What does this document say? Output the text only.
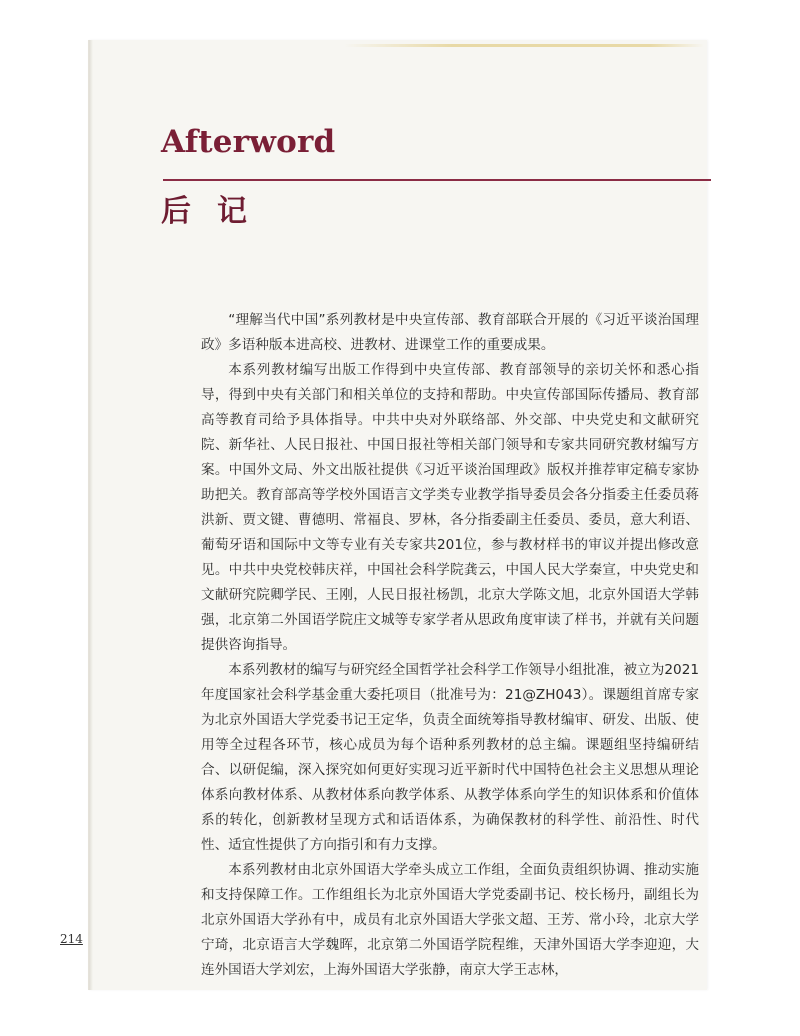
Afterword
后记

“理解当代中国”系列教材是中央宣传部、教育部联合开展的《习近平谈治国理政》多语种版本进高校、进教材、进课堂工作的重要成果。

本系列教材编写出版工作得到中央宣传部、教育部领导的亲切关怀和悉心指导，得到中央有关部门和相关单位的支持和帮助。中央宣传部国际传播局、教育部高等教育司给予具体指导。中共中央对外联络部、外交部、中央党史和文献研究院、新华社、人民日报社、中国日报社等相关部门领导和专家共同研究教材编写方案。中国外文局、外文出版社提供《习近平谈治国理政》版权并推荐审定稿专家协助把关。教育部高等学校外国语言文学类专业教学指导委员会各分指委主任委员蒋洪新、贾文键、曹德明、常福良、罗林，各分指委副主任委员、委员，意大利语、葡萄牙语和国际中文等专业有关专家共201位，参与教材样书的审议并提出修改意见。中共中央党校韩庆祥，中国社会科学院龚云，中国人民大学秦宣，中央党史和文献研究院卿学民、王刚，人民日报社杨凯，北京大学陈文旭，北京外国语大学韩强，北京第二外国语学院庄文城等专家学者从思政角度审读了样书，并就有关问题提供咨询指导。

本系列教材的编写与研究经全国哲学社会科学工作领导小组批准，被立为2021年度国家社会科学基金重大委托项目（批准号为：21@ZH043）。课题组首席专家为北京外国语大学党委书记王定华，负责全面统筹指导教材编审、研发、出版、使用等全过程各环节，核心成员为每个语种系列教材的总主编。课题组坚持编研结合、以研促编，深入探究如何更好实现习近平新时代中国特色社会主义思想从理论体系向教材体系、从教材体系向教学体系、从教学体系向学生的知识体系和价值体系的转化，创新教材呈现方式和话语体系，为确保教材的科学性、前沿性、时代性、适宜性提供了方向指引和有力支撑。

本系列教材由北京外国语大学牵头成立工作组，全面负责组织协调、推动实施和支持保障工作。工作组组长为北京外国语大学党委副书记、校长杨丹，副组长为北京外国语大学孙有中，成员有北京外国语大学张文超、王芳、常小玲，北京大学宁琦，北京语言大学魏晖，北京第二外国语学院程维，天津外国语大学李迎迎，大连外国语大学刘宏，上海外国语大学张静，南京大学王志林，

214
